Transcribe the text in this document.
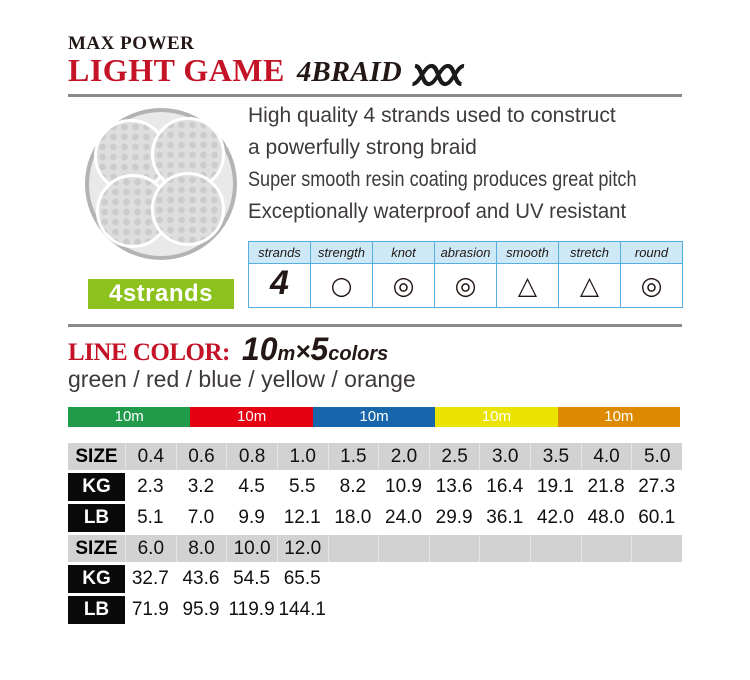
MAX POWER
LIGHT GAME 4BRAID
4strands
High quality 4 strands used to construct
a powerfully strong braid
Super smooth resin coating produces great pitch
Exceptionally waterproof and UV resistant
strands	strength	knot	abrasion	smooth	stretch	round
4	○	◎	◎	△	△	◎
LINE COLOR: 10m×5colors
green / red / blue / yellow / orange
10m	10m	10m	10m	10m
SIZE	0.4	0.6	0.8	1.0	1.5	2.0	2.5	3.0	3.5	4.0	5.0
KG	2.3	3.2	4.5	5.5	8.2 10.9 13.6 16.4 19.1 21.8 27.3
LB	5.1	7.0	9.9 12.1 18.0 24.0 29.9 36.1 42.0 48.0 60.1
SIZE	6.0	8.0 10.0 12.0
KG	32.7 43.6 54.5 65.5
LB	71.9 95.9 119.9 144.1
